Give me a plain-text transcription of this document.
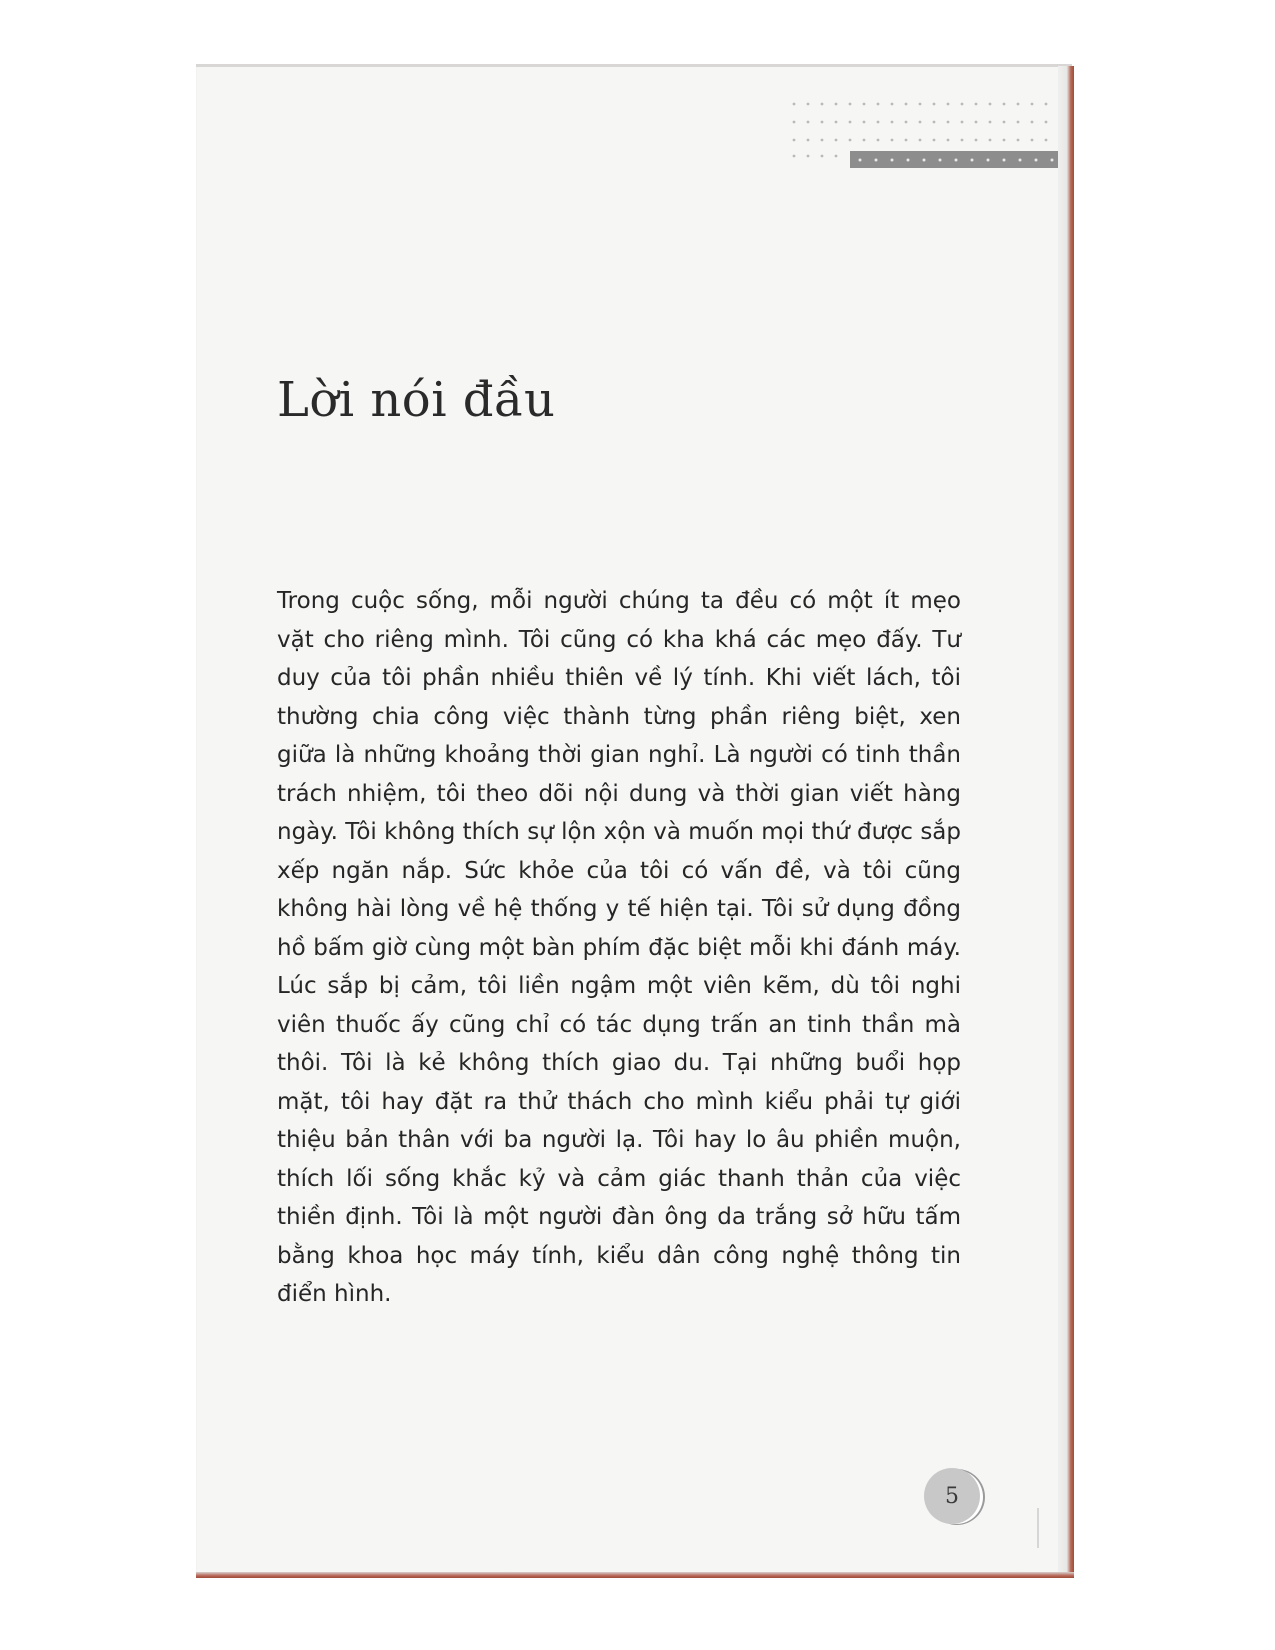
Lời nói đầu

Trong cuộc sống, mỗi người chúng ta đều có một ít mẹo vặt cho riêng mình. Tôi cũng có kha khá các mẹo đấy. Tư duy của tôi phần nhiều thiên về lý tính. Khi viết lách, tôi thường chia công việc thành từng phần riêng biệt, xen giữa là những khoảng thời gian nghỉ. Là người có tinh thần trách nhiệm, tôi theo dõi nội dung và thời gian viết hàng ngày. Tôi không thích sự lộn xộn và muốn mọi thứ được sắp xếp ngăn nắp. Sức khỏe của tôi có vấn đề, và tôi cũng không hài lòng về hệ thống y tế hiện tại. Tôi sử dụng đồng hồ bấm giờ cùng một bàn phím đặc biệt mỗi khi đánh máy. Lúc sắp bị cảm, tôi liền ngậm một viên kẽm, dù tôi nghi viên thuốc ấy cũng chỉ có tác dụng trấn an tinh thần mà thôi. Tôi là kẻ không thích giao du. Tại những buổi họp mặt, tôi hay đặt ra thử thách cho mình kiểu phải tự giới thiệu bản thân với ba người lạ. Tôi hay lo âu phiền muộn, thích lối sống khắc kỷ và cảm giác thanh thản của việc thiền định. Tôi là một người đàn ông da trắng sở hữu tấm bằng khoa học máy tính, kiểu dân công nghệ thông tin điển hình.

5
